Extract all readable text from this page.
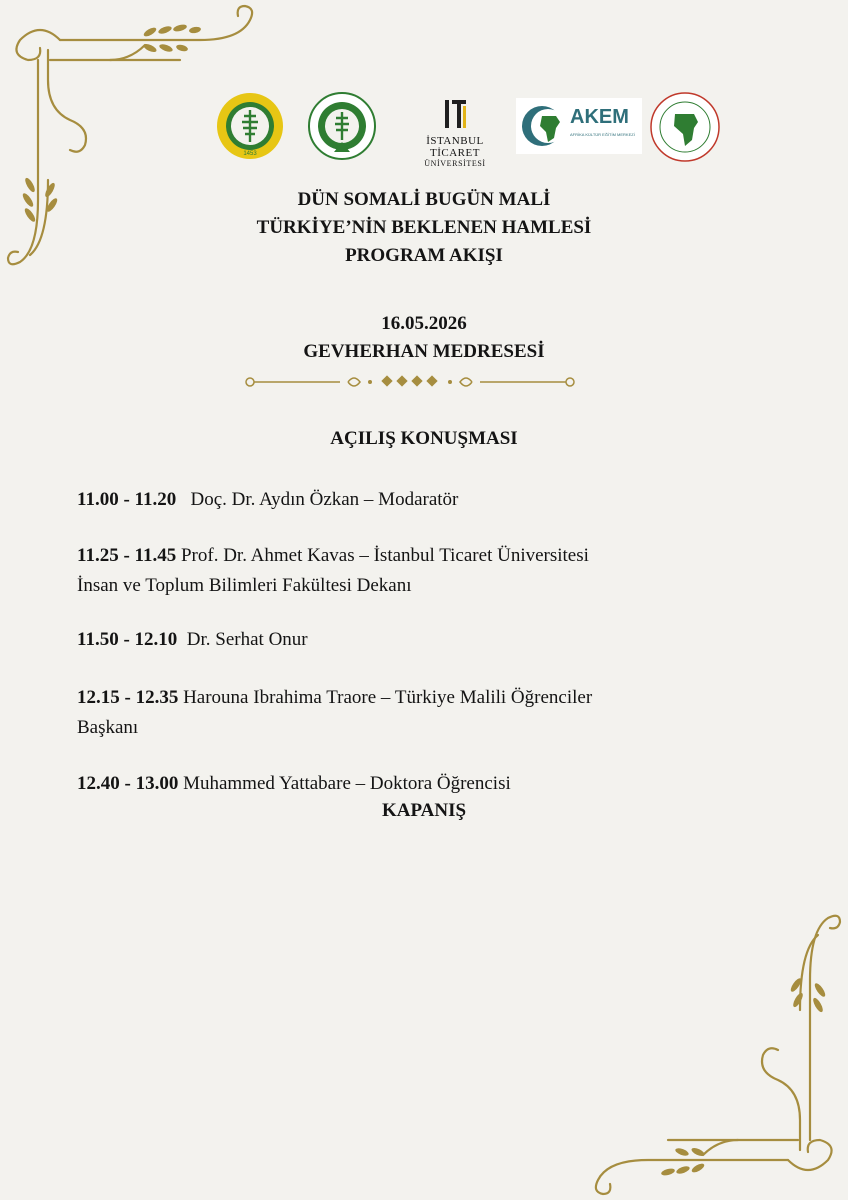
1453
İSTANBUL TİCARET
ÜNİVERSİTESİ
AKEM
AFRİKA KÜLTÜR EĞİTİM MERKEZİ
DÜN SOMALİ BUGÜN MALİ
TÜRKİYE’NİN BEKLENEN HAMLESİ
PROGRAM AKIŞI
16.05.2026
GEVHERHAN MEDRESESİ
AÇILIŞ KONUŞMASI
11.00 - 11.20 Doç. Dr. Aydın Özkan – Modaratör
11.25 - 11.45 Prof. Dr. Ahmet Kavas – İstanbul Ticaret Üniversitesi
İnsan ve Toplum Bilimleri Fakültesi Dekanı
11.50 - 12.10 Dr. Serhat Onur
12.15 - 12.35 Harouna Ibrahima Traore – Türkiye Malili Öğrenciler
Başkanı
12.40 - 13.00 Muhammed Yattabare – Doktora Öğrencisi
KAPANIŞ
